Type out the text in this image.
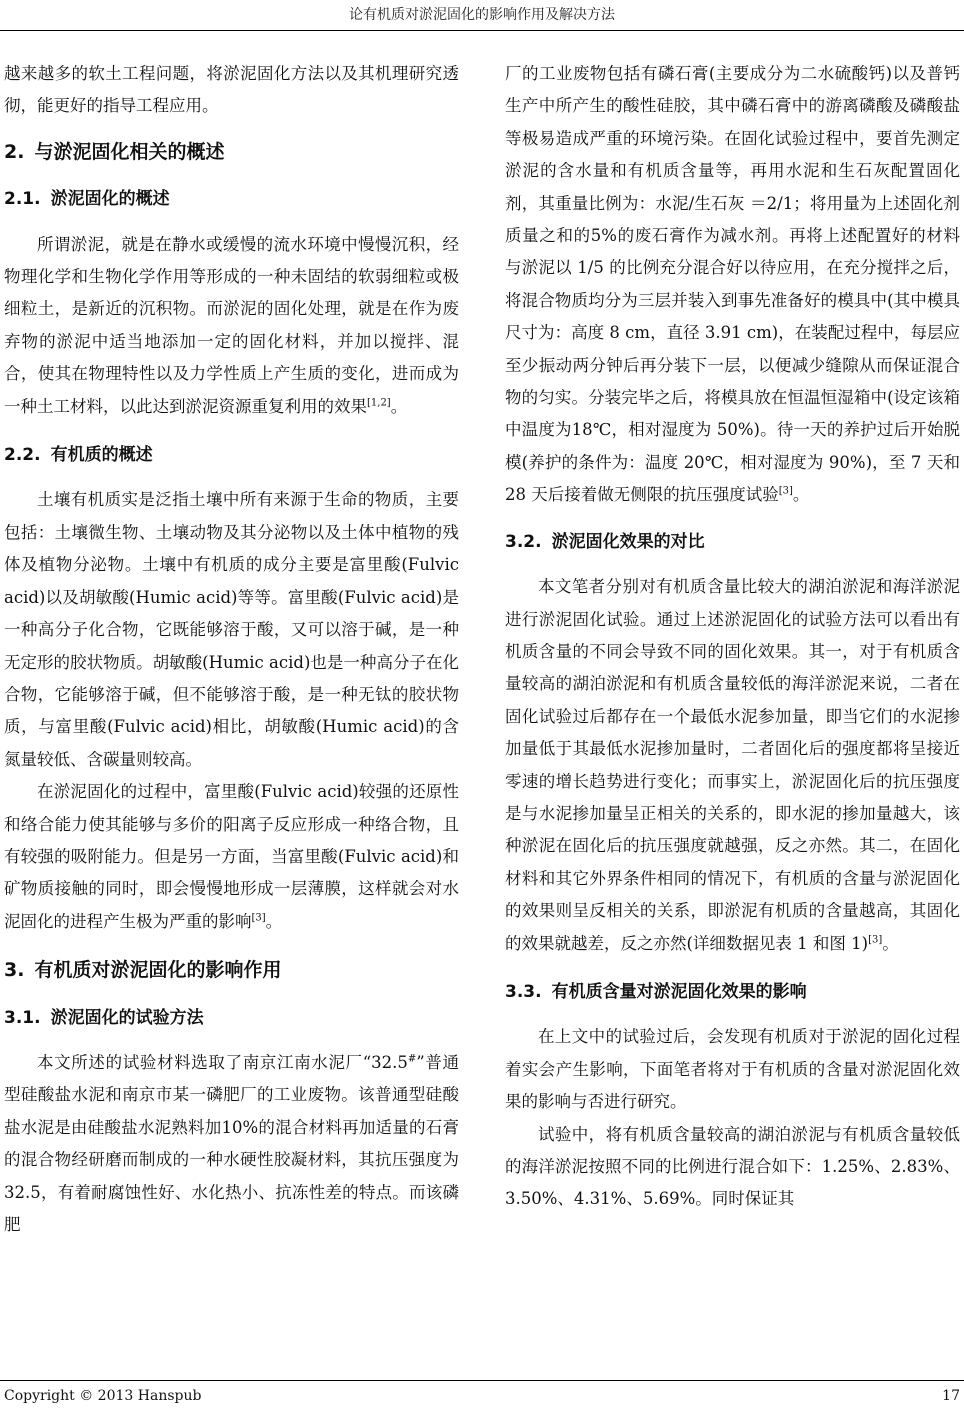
论有机质对淤泥固化的影响作用及解决方法

越来越多的软土工程问题，将淤泥固化方法以及其机理研究透彻，能更好的指导工程应用。

2. 与淤泥固化相关的概述
2.1. 淤泥固化的概述

所谓淤泥，就是在静水或缓慢的流水环境中慢慢沉积，经物理化学和生物化学作用等形成的一种未固结的软弱细粒或极细粒土，是新近的沉积物。而淤泥的固化处理，就是在作为废弃物的淤泥中适当地添加一定的固化材料，并加以搅拌、混合，使其在物理特性以及力学性质上产生质的变化，进而成为一种土工材料，以此达到淤泥资源重复利用的效果[1,2]。

2.2. 有机质的概述

土壤有机质实是泛指土壤中所有来源于生命的物质，主要包括：土壤微生物、土壤动物及其分泌物以及土体中植物的残体及植物分泌物。土壤中有机质的成分主要是富里酸(Fulvic acid)以及胡敏酸(Humic acid)等等。富里酸(Fulvic acid)是一种高分子化合物，它既能够溶于酸，又可以溶于碱，是一种无定形的胶状物质。胡敏酸(Humic acid)也是一种高分子在化合物，它能够溶于碱，但不能够溶于酸，是一种无钛的胶状物质，与富里酸(Fulvic acid)相比，胡敏酸(Humic acid)的含氮量较低、含碳量则较高。

在淤泥固化的过程中，富里酸(Fulvic acid)较强的还原性和络合能力使其能够与多价的阳离子反应形成一种络合物，且有较强的吸附能力。但是另一方面，当富里酸(Fulvic acid)和矿物质接触的同时，即会慢慢地形成一层薄膜，这样就会对水泥固化的进程产生极为严重的影响[3]。

3. 有机质对淤泥固化的影响作用
3.1. 淤泥固化的试验方法

本文所述的试验材料选取了南京江南水泥厂“32.5#”普通型硅酸盐水泥和南京市某一磷肥厂的工业废物。该普通型硅酸盐水泥是由硅酸盐水泥熟料加10%的混合材料再加适量的石膏的混合物经研磨而制成的一种水硬性胶凝材料，其抗压强度为32.5，有着耐腐蚀性好、水化热小、抗冻性差的特点。而该磷肥

厂的工业废物包括有磷石膏(主要成分为二水硫酸钙)以及普钙生产中所产生的酸性硅胶，其中磷石膏中的游离磷酸及磷酸盐等极易造成严重的环境污染。在固化试验过程中，要首先测定淤泥的含水量和有机质含量等，再用水泥和生石灰配置固化剂，其重量比例为：水泥/生石灰 ＝2/1；将用量为上述固化剂质量之和的5%的废石膏作为减水剂。再将上述配置好的材料与淤泥以 1/5 的比例充分混合好以待应用，在充分搅拌之后，将混合物质均分为三层并装入到事先准备好的模具中(其中模具尺寸为：高度 8 cm，直径 3.91 cm)，在装配过程中，每层应至少振动两分钟后再分装下一层，以便减少缝隙从而保证混合物的匀实。分装完毕之后，将模具放在恒温恒湿箱中(设定该箱中温度为18℃，相对湿度为 50%)。待一天的养护过后开始脱模(养护的条件为：温度 20℃，相对湿度为 90%)，至 7 天和 28 天后接着做无侧限的抗压强度试验[3]。

3.2. 淤泥固化效果的对比

本文笔者分别对有机质含量比较大的湖泊淤泥和海洋淤泥进行淤泥固化试验。通过上述淤泥固化的试验方法可以看出有机质含量的不同会导致不同的固化效果。其一，对于有机质含量较高的湖泊淤泥和有机质含量较低的海洋淤泥来说，二者在固化试验过后都存在一个最低水泥参加量，即当它们的水泥掺加量低于其最低水泥掺加量时，二者固化后的强度都将呈接近零速的增长趋势进行变化；而事实上，淤泥固化后的抗压强度是与水泥掺加量呈正相关的关系的，即水泥的掺加量越大，该种淤泥在固化后的抗压强度就越强，反之亦然。其二，在固化材料和其它外界条件相同的情况下，有机质的含量与淤泥固化的效果则呈反相关的关系，即淤泥有机质的含量越高，其固化的效果就越差，反之亦然(详细数据见表 1 和图 1)[3]。

3.3. 有机质含量对淤泥固化效果的影响

在上文中的试验过后，会发现有机质对于淤泥的固化过程着实会产生影响，下面笔者将对于有机质的含量对淤泥固化效果的影响与否进行研究。

试验中，将有机质含量较高的湖泊淤泥与有机质含量较低的海洋淤泥按照不同的比例进行混合如下：1.25%、2.83%、3.50%、4.31%、5.69%。同时保证其

Copyright © 2013 Hanspub	17
